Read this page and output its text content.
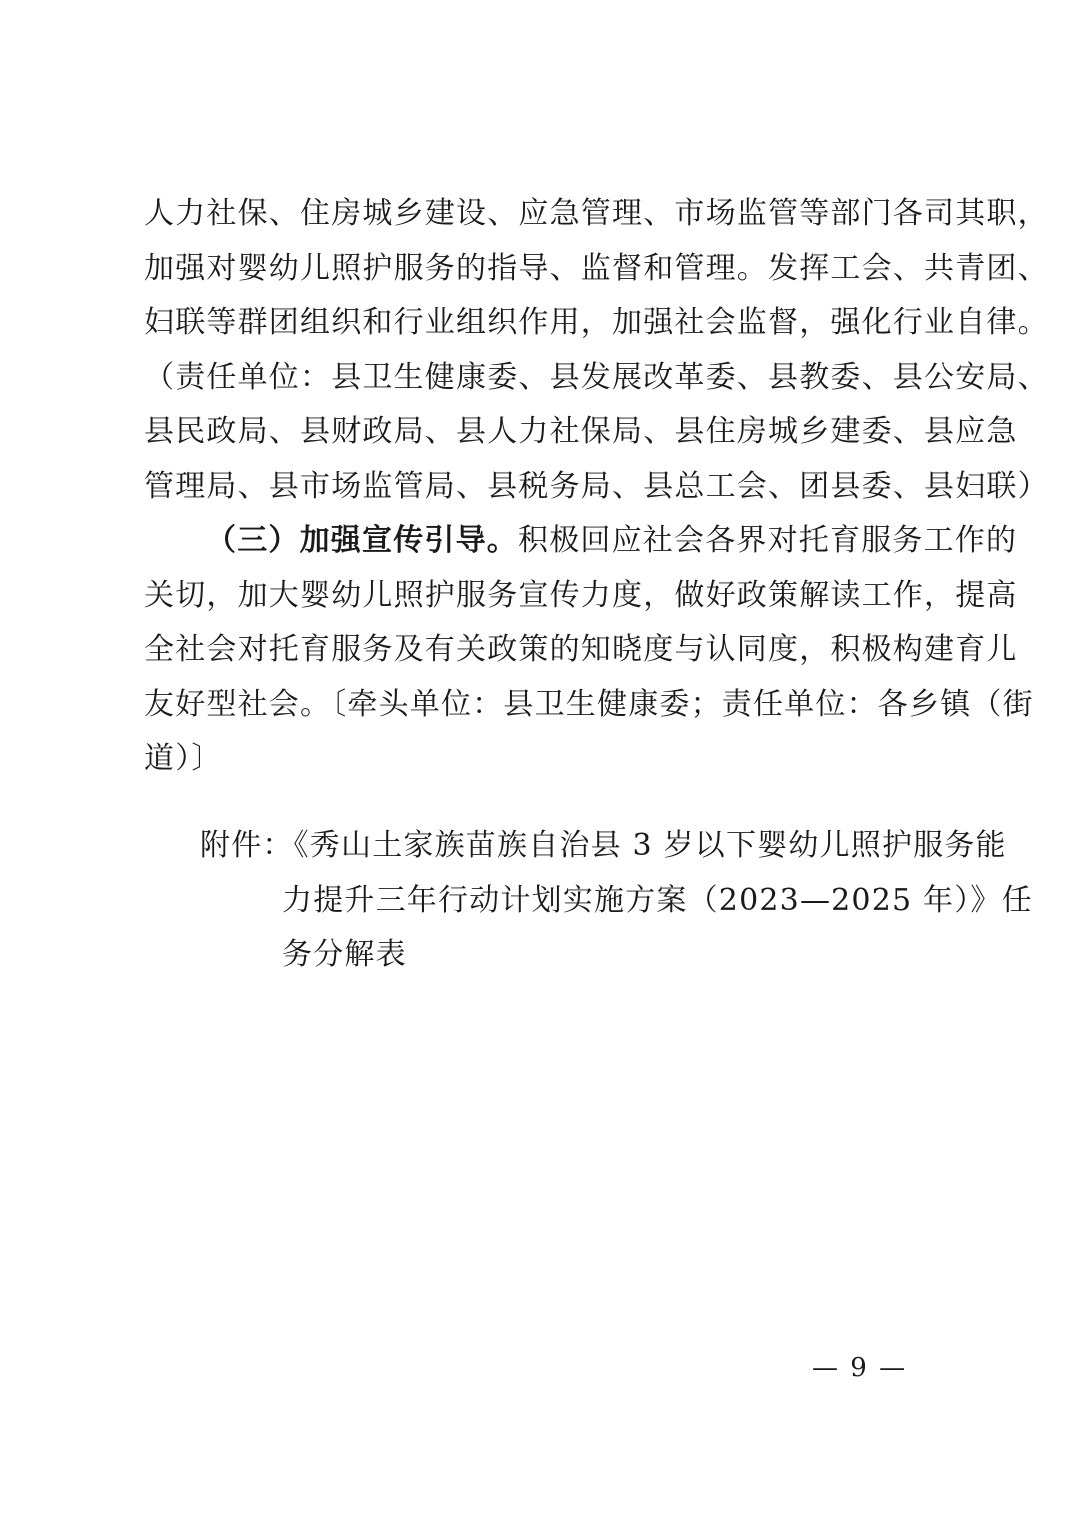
人力社保、住房城乡建设、应急管理、市场监管等部门各司其职，
加强对婴幼儿照护服务的指导、监督和管理。发挥工会、共青团、
妇联等群团组织和行业组织作用，加强社会监督，强化行业自律。
（责任单位：县卫生健康委、县发展改革委、县教委、县公安局、
县民政局、县财政局、县人力社保局、县住房城乡建委、县应急
管理局、县市场监管局、县税务局、县总工会、团县委、县妇联）
（三）加强宣传引导。积极回应社会各界对托育服务工作的
关切，加大婴幼儿照护服务宣传力度，做好政策解读工作，提高
全社会对托育服务及有关政策的知晓度与认同度，积极构建育儿
友好型社会。〔牵头单位：县卫生健康委；责任单位：各乡镇（街
道）〕
附件：《秀山土家族苗族自治县 3 岁以下婴幼儿照护服务能
力提升三年行动计划实施方案（2023—2025 年）》任
务分解表
— 9 —
